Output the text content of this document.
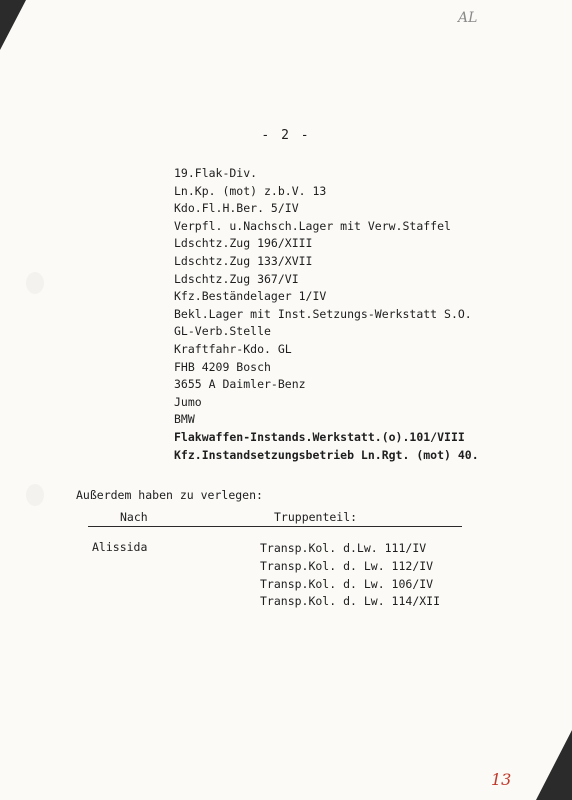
AL
- 2 -
19.Flak-Div.
Ln.Kp. (mot) z.b.V. 13
Kdo.Fl.H.Ber. 5/IV
Verpfl. u.Nachsch.Lager mit Verw.Staffel
Ldschtz.Zug 196/XIII
Ldschtz.Zug 133/XVII
Ldschtz.Zug 367/VI
Kfz.Beständelager 1/IV
Bekl.Lager mit Inst.Setzungs-Werkstatt S.O.
GL-Verb.Stelle
Kraftfahr-Kdo. GL
FHB 4209 Bosch
3655 A Daimler-Benz
Jumo
BMW
Flakwaffen-Instands.Werkstatt.(o).101/VIII
Kfz.Instandsetzungsbetrieb Ln.Rgt. (mot) 40.
Außerdem haben zu verlegen:
Nach	Truppenteil:
Alissida	Transp.Kol. d.Lw. 111/IV
Transp.Kol. d. Lw. 112/IV
Transp.Kol. d. Lw. 106/IV
Transp.Kol. d. Lw. 114/XII
13
